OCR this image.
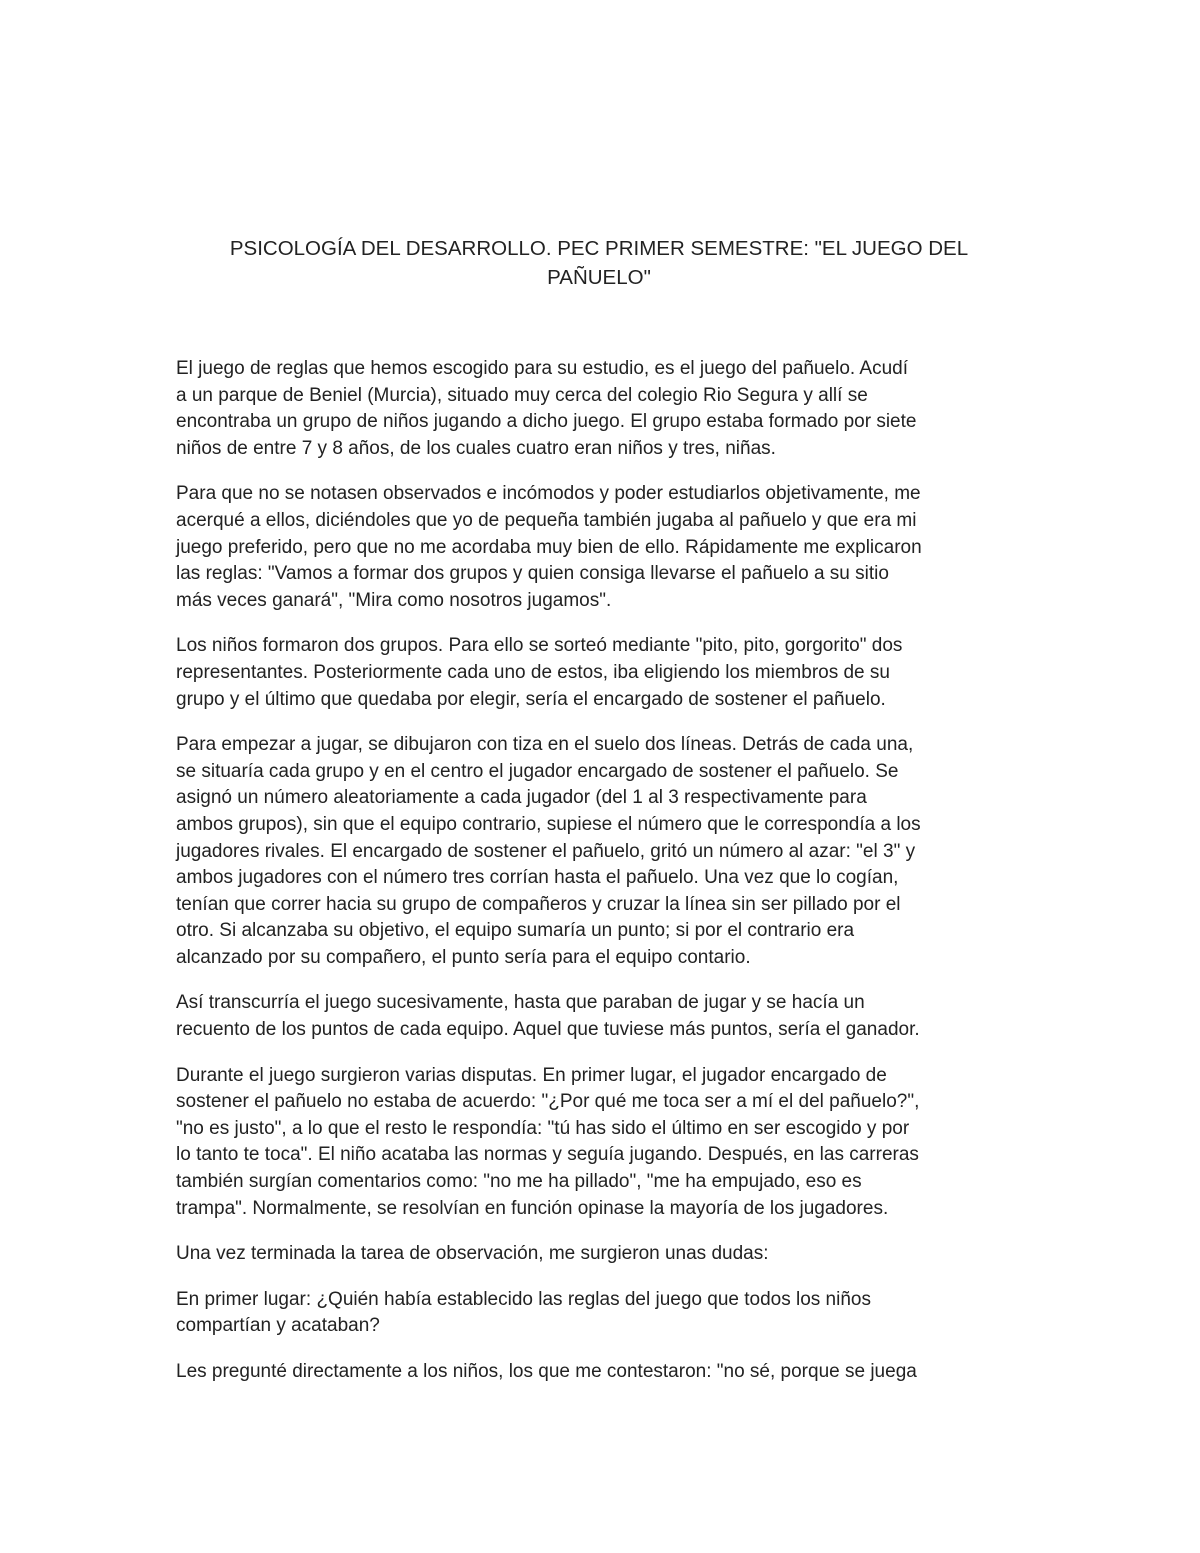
PSICOLOGÍA DEL DESARROLLO. PEC PRIMER SEMESTRE: "EL JUEGO DEL
PAÑUELO"

El juego de reglas que hemos escogido para su estudio, es el juego del pañuelo. Acudí
a un parque de Beniel (Murcia), situado muy cerca del colegio Rio Segura y allí se
encontraba un grupo de niños jugando a dicho juego. El grupo estaba formado por siete
niños de entre 7 y 8 años, de los cuales cuatro eran niños y tres, niñas.

Para que no se notasen observados e incómodos y poder estudiarlos objetivamente, me
acerqué a ellos, diciéndoles que yo de pequeña también jugaba al pañuelo y que era mi
juego preferido, pero que no me acordaba muy bien de ello. Rápidamente me explicaron
las reglas: "Vamos a formar dos grupos y quien consiga llevarse el pañuelo a su sitio
más veces ganará", "Mira como nosotros jugamos".

Los niños formaron dos grupos. Para ello se sorteó mediante "pito, pito, gorgorito" dos
representantes. Posteriormente cada uno de estos, iba eligiendo los miembros de su
grupo y el último que quedaba por elegir, sería el encargado de sostener el pañuelo.

Para empezar a jugar, se dibujaron con tiza en el suelo dos líneas. Detrás de cada una,
se situaría cada grupo y en el centro el jugador encargado de sostener el pañuelo. Se
asignó un número aleatoriamente a cada jugador (del 1 al 3 respectivamente para
ambos grupos), sin que el equipo contrario, supiese el número que le correspondía a los
jugadores rivales. El encargado de sostener el pañuelo, gritó un número al azar: "el 3" y
ambos jugadores con el número tres corrían hasta el pañuelo. Una vez que lo cogían,
tenían que correr hacia su grupo de compañeros y cruzar la línea sin ser pillado por el
otro. Si alcanzaba su objetivo, el equipo sumaría un punto; si por el contrario era
alcanzado por su compañero, el punto sería para el equipo contario.

Así transcurría el juego sucesivamente, hasta que paraban de jugar y se hacía un
recuento de los puntos de cada equipo. Aquel que tuviese más puntos, sería el ganador.

Durante el juego surgieron varias disputas. En primer lugar, el jugador encargado de
sostener el pañuelo no estaba de acuerdo: "¿Por qué me toca ser a mí el del pañuelo?",
"no es justo", a lo que el resto le respondía: "tú has sido el último en ser escogido y por
lo tanto te toca". El niño acataba las normas y seguía jugando. Después, en las carreras
también surgían comentarios como: "no me ha pillado", "me ha empujado, eso es
trampa". Normalmente, se resolvían en función opinase la mayoría de los jugadores.

Una vez terminada la tarea de observación, me surgieron unas dudas:

En primer lugar: ¿Quién había establecido las reglas del juego que todos los niños
compartían y acataban?

Les pregunté directamente a los niños, los que me contestaron: "no sé, porque se juega
